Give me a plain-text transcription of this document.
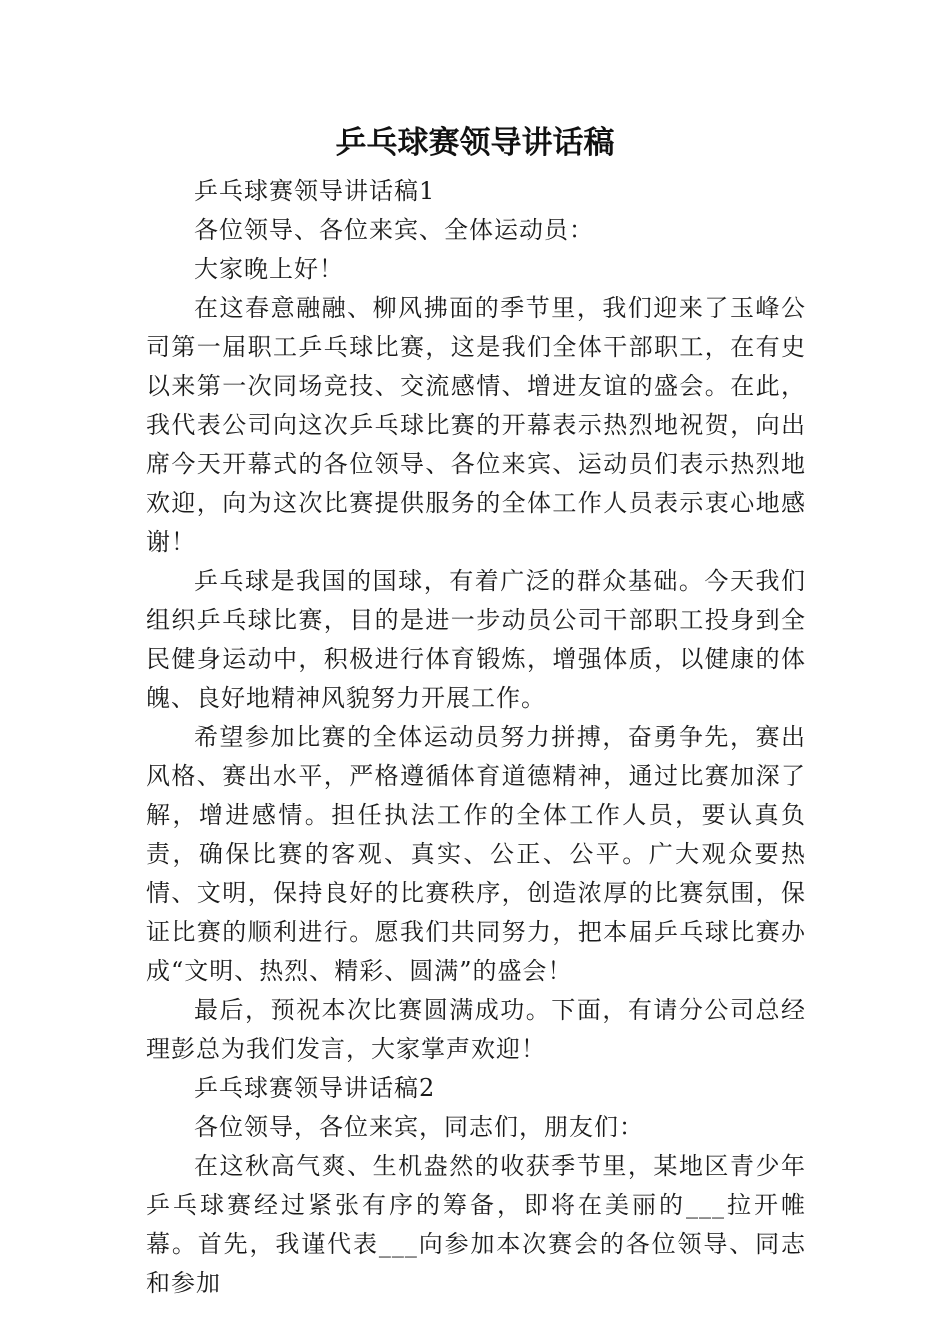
乒乓球赛领导讲话稿

乒乓球赛领导讲话稿1

各位领导、各位来宾、全体运动员：

大家晚上好！

在这春意融融、柳风拂面的季节里，我们迎来了玉峰公司第一届职工乒乓球比赛，这是我们全体干部职工，在有史以来第一次同场竞技、交流感情、增进友谊的盛会。在此，我代表公司向这次乒乓球比赛的开幕表示热烈地祝贺，向出席今天开幕式的各位领导、各位来宾、运动员们表示热烈地欢迎，向为这次比赛提供服务的全体工作人员表示衷心地感谢！

乒乓球是我国的国球，有着广泛的群众基础。今天我们组织乒乓球比赛，目的是进一步动员公司干部职工投身到全民健身运动中，积极进行体育锻炼，增强体质，以健康的体魄、良好地精神风貌努力开展工作。

希望参加比赛的全体运动员努力拼搏，奋勇争先，赛出风格、赛出水平，严格遵循体育道德精神，通过比赛加深了解，增进感情。担任执法工作的全体工作人员，要认真负责，确保比赛的客观、真实、公正、公平。广大观众要热情、文明，保持良好的比赛秩序，创造浓厚的比赛氛围，保证比赛的顺利进行。愿我们共同努力，把本届乒乓球比赛办成“文明、热烈、精彩、圆满”的盛会！

最后，预祝本次比赛圆满成功。下面，有请分公司总经理彭总为我们发言，大家掌声欢迎！

乒乓球赛领导讲话稿2

各位领导，各位来宾，同志们，朋友们：

在这秋高气爽、生机盎然的收获季节里，某地区青少年乒乓球赛经过紧张有序的筹备，即将在美丽的___拉开帷幕。首先，我谨代表___向参加本次赛会的各位领导、同志和参加
